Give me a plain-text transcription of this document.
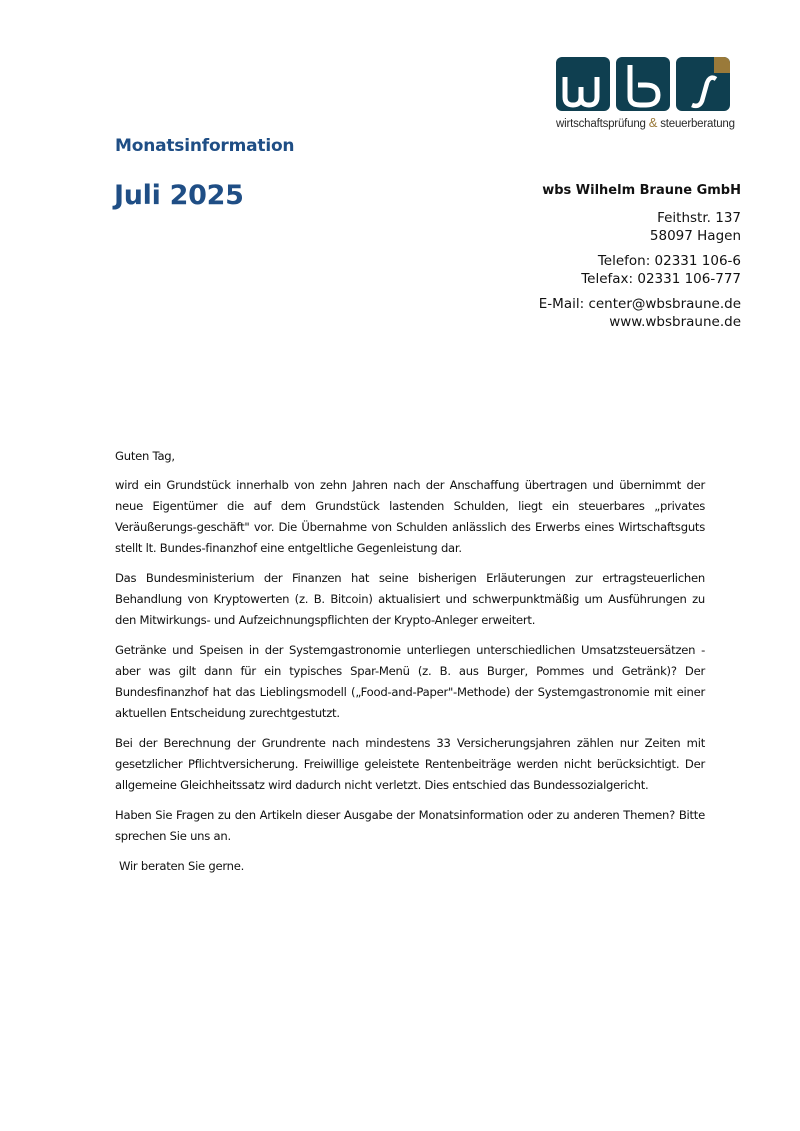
wirtschaftsprüfung & steuerberatung
Monatsinformation
Juli 2025	wbs Wilhelm Braune GmbH
Feithstr. 137
58097 Hagen
Telefon: 02331 106-6
Telefax: 02331 106-777
E-Mail: center@wbsbraune.de
www.wbsbraune.de

Guten Tag,

wird ein Grundstück innerhalb von zehn Jahren nach der Anschaffung übertragen und übernimmt der neue Eigentümer die auf dem Grundstück lastenden Schulden, liegt ein steuerbares „privates Veräußerungs-geschäft" vor. Die Übernahme von Schulden anlässlich des Erwerbs eines Wirtschaftsguts stellt lt. Bundes-finanzhof eine entgeltliche Gegenleistung dar.

Das Bundesministerium der Finanzen hat seine bisherigen Erläuterungen zur ertragsteuerlichen Behandlung von Kryptowerten (z. B. Bitcoin) aktualisiert und schwerpunktmäßig um Ausführungen zu den Mitwirkungs- und Aufzeichnungspflichten der Krypto-Anleger erweitert.

Getränke und Speisen in der Systemgastronomie unterliegen unterschiedlichen Umsatzsteuersätzen - aber was gilt dann für ein typisches Spar-Menü (z. B. aus Burger, Pommes und Getränk)? Der Bundesfinanzhof hat das Lieblingsmodell („Food-and-Paper"-Methode) der Systemgastronomie mit einer aktuellen Entscheidung zurechtgestutzt.

Bei der Berechnung der Grundrente nach mindestens 33 Versicherungsjahren zählen nur Zeiten mit gesetzlicher Pflichtversicherung. Freiwillige geleistete Rentenbeiträge werden nicht berücksichtigt. Der allgemeine Gleichheitssatz wird dadurch nicht verletzt. Dies entschied das Bundessozialgericht.

Haben Sie Fragen zu den Artikeln dieser Ausgabe der Monatsinformation oder zu anderen Themen? Bitte sprechen Sie uns an.

Wir beraten Sie gerne.
